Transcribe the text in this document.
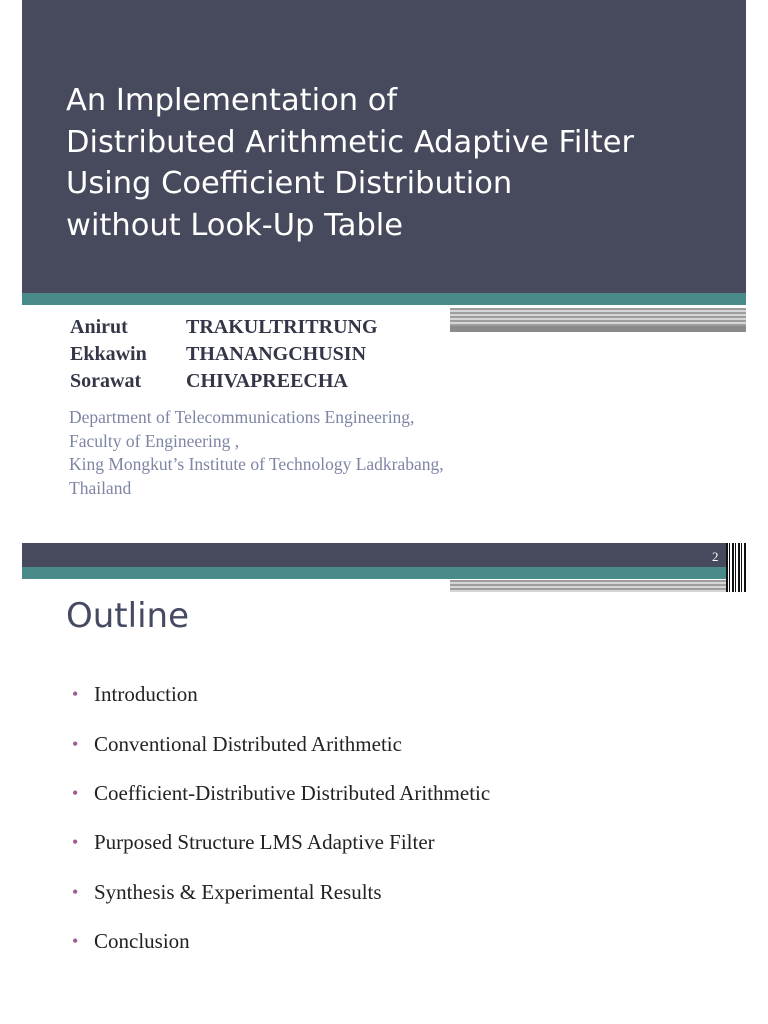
An Implementation of
Distributed Arithmetic Adaptive Filter
Using Coefficient Distribution
without Look-Up Table
Anirut	TRAKULTRITRUNG
Ekkawin	THANANGCHUSIN
Sorawat	CHIVAPREECHA
Department of Telecommunications Engineering,
Faculty of Engineering ,
King Mongkut’s Institute of Technology Ladkrabang,
Thailand
2
Outline
• Introduction
• Conventional Distributed Arithmetic
• Coefficient-Distributive Distributed Arithmetic
• Purposed Structure LMS Adaptive Filter
• Synthesis & Experimental Results
• Conclusion
